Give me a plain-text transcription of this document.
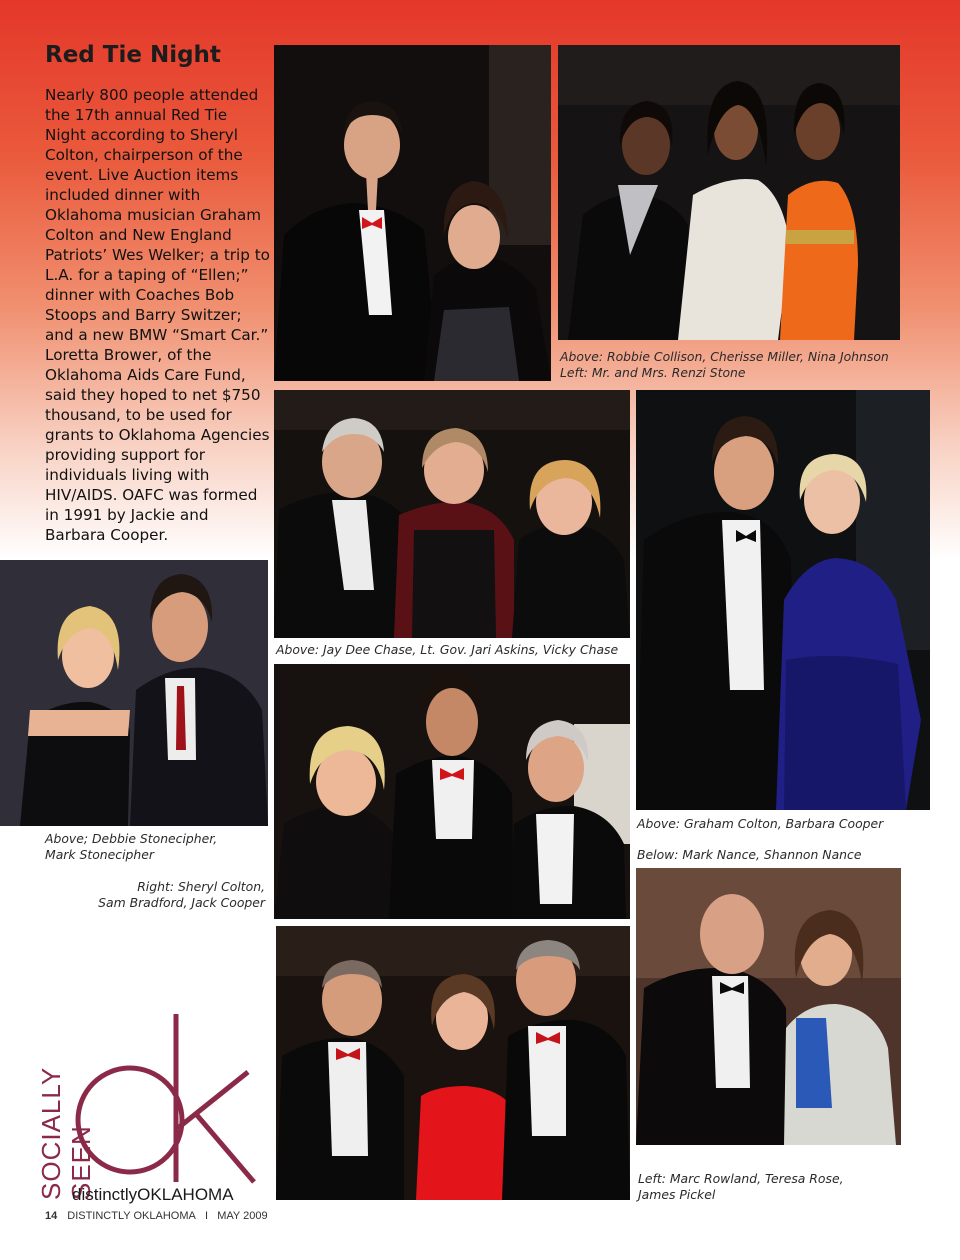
Red Tie Night

Nearly 800 people attended the 17th annual Red Tie Night according to Sheryl Colton, chairperson of the event. Live Auction items included dinner with Oklahoma musician Graham Colton and New England Patriots’ Wes Welker; a trip to L.A. for a taping of “Ellen;” dinner with Coaches Bob Stoops and Barry Switzer; and a new BMW “Smart Car.” Loretta Brower, of the Oklahoma Aids Care Fund, said they hoped to net $750 thousand, to be used for grants to Oklahoma Agencies providing support for individuals living with HIV/AIDS. OAFC was formed in 1991 by Jackie and Barbara Cooper.

Above: Robbie Collison, Cherisse Miller, Nina Johnson

Left: Mr. and Mrs. Renzi Stone

Above: Jay Dee Chase, Lt. Gov. Jari Askins, Vicky Chase

Above; Debbie Stonecipher,

Mark Stonecipher

Right: Sheryl Colton,

Sam Bradford, Jack Cooper

Above: Graham Colton, Barbara Cooper

Below: Mark Nance, Shannon Nance

Left: Marc Rowland, Teresa Rose,

James Pickel

SOCIALLY SEEN
distinctlyOKLAHOMA
14 DISTINCTLY OKLAHOMA I MAY 2009
